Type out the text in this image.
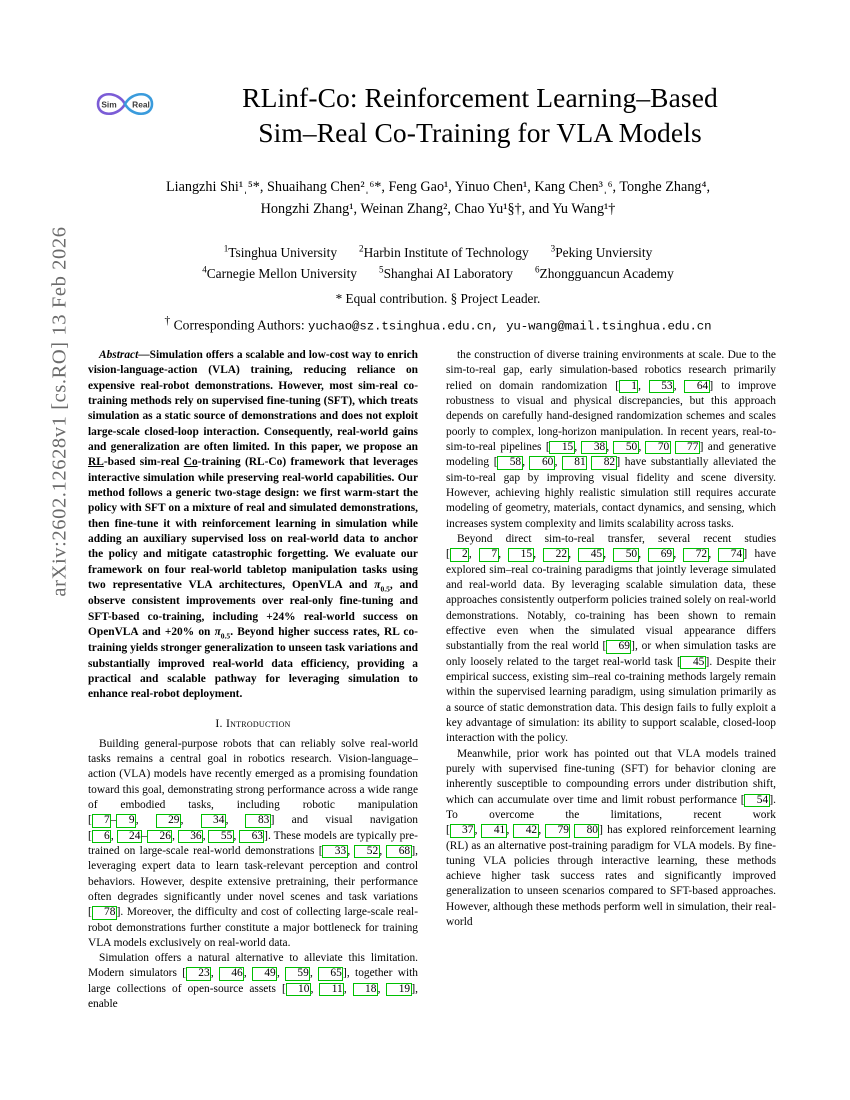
arXiv:2602.12628v1 [cs.RO] 13 Feb 2026
Sim Real	RLinf-Co: Reinforcement Learning–Based
Sim–Real Co-Training for VLA Models
Liangzhi Shi¹ˌ⁵*, Shuaihang Chen²ˌ⁶*, Feng Gao¹, Yinuo Chen¹, Kang Chen³ˌ⁶, Tonghe Zhang⁴,
Hongzhi Zhang¹, Weinan Zhang², Chao Yu¹§†, and Yu Wang¹†
$^1$Tsinghua University $^2$Harbin Institute of Technology $^3$Peking Unviersity
$^4$Carnegie Mellon University $^5$Shanghai AI Laboratory $^6$Zhongguancun Academy
* Equal contribution. § Project Leader.
† Corresponding Authors: yuchao@sz.tsinghua.edu.cn, yu-wang@mail.tsinghua.edu.cn

Abstract—Simulation offers a scalable and low-cost way to enrich vision-language-action (VLA) training, reducing reliance on expensive real-robot demonstrations. However, most sim-real co-training methods rely on supervised fine-tuning (SFT), which treats simulation as a static source of demonstrations and does not exploit large-scale closed-loop interaction. Consequently, real-world gains and generalization are often limited. In this paper, we propose an RL-based sim-real Co-training (RL-Co) framework that leverages interactive simulation while preserving real-world capabilities. Our method follows a generic two-stage design: we first warm-start the policy with SFT on a mixture of real and simulated demonstrations, then fine-tune it with reinforcement learning in simulation while adding an auxiliary supervised loss on real-world data to anchor the policy and mitigate catastrophic forgetting. We evaluate our framework on four real-world tabletop manipulation tasks using two representative VLA architectures, OpenVLA and $\pi_{0.5}$, and observe consistent improvements over real-only fine-tuning and SFT-based co-training, including +24% real-world success on OpenVLA and +20% on $\pi_{0.5}$. Beyond higher success rates, RL co-training yields stronger generalization to unseen task variations and substantially improved real-world data efficiency, providing a practical and scalable pathway for leveraging simulation to enhance real-robot deployment.

I. Introduction

Building general-purpose robots that can reliably solve real-world tasks remains a central goal in robotics research. Vision-language–action (VLA) models have recently emerged as a promising foundation toward this goal, demonstrating strong performance across a wide range of embodied tasks, including robotic manipulation [ 7– 9, 29, 34, 83] and visual navigation [ 6, 24– 26, 36, 55, 63]. These models are typically pre-trained on large-scale real-world demonstrations [ 33, 52, 68], leveraging expert data to learn task-relevant perception and control behaviors. However, despite extensive pretraining, their performance often degrades significantly under novel scenes and task variations [ 78]. Moreover, the difficulty and cost of collecting large-scale real-robot demonstrations further constitute a major bottleneck for training VLA models exclusively on real-world data.

Simulation offers a natural alternative to alleviate this limitation. Modern simulators [ 23, 46, 49, 59, 65], together with large collections of open-source assets [ 10, 11, 18, 19], enable

the construction of diverse training environments at scale. Due to the sim-to-real gap, early simulation-based robotics research primarily relied on domain randomization [ 1, 53, 64] to improve robustness to visual and physical discrepancies, but this approach depends on carefully hand-designed randomization schemes and scales poorly to complex, long-horizon manipulation. In recent years, real-to-sim-to-real pipelines [ 15, 38, 50, 70 77] and generative modeling [ 58, 60, 81 82] have substantially alleviated the sim-to-real gap by improving visual fidelity and scene diversity. However, achieving highly realistic simulation still requires accurate modeling of geometry, materials, contact dynamics, and sensing, which increases system complexity and limits scalability across tasks.

Beyond direct sim-to-real transfer, several recent studies [ 2, 7, 15, 22, 45, 50, 69, 72, 74] have explored sim–real co-training paradigms that jointly leverage simulated and real-world data. By leveraging scalable simulation data, these approaches consistently outperform policies trained solely on real-world demonstrations. Notably, co-training has been shown to remain effective even when the simulated visual appearance differs substantially from the real world [ 69], or when simulation tasks are only loosely related to the target real-world task [ 45]. Despite their empirical success, existing sim–real co-training methods largely remain within the supervised learning paradigm, using simulation primarily as a source of static demonstration data. This design fails to fully exploit a key advantage of simulation: its ability to support scalable, closed-loop interaction with the policy.

Meanwhile, prior work has pointed out that VLA models trained purely with supervised fine-tuning (SFT) for behavior cloning are inherently susceptible to compounding errors under distribution shift, which can accumulate over time and limit robust performance [ 54]. To overcome the limitations, recent work [ 37, 41, 42, 79 80] has explored reinforcement learning (RL) as an alternative post-training paradigm for VLA models. By fine-tuning VLA policies through interactive learning, these methods achieve higher task success rates and significantly improved generalization to unseen scenarios compared to SFT-based approaches. However, although these methods perform well in simulation, their real-world
